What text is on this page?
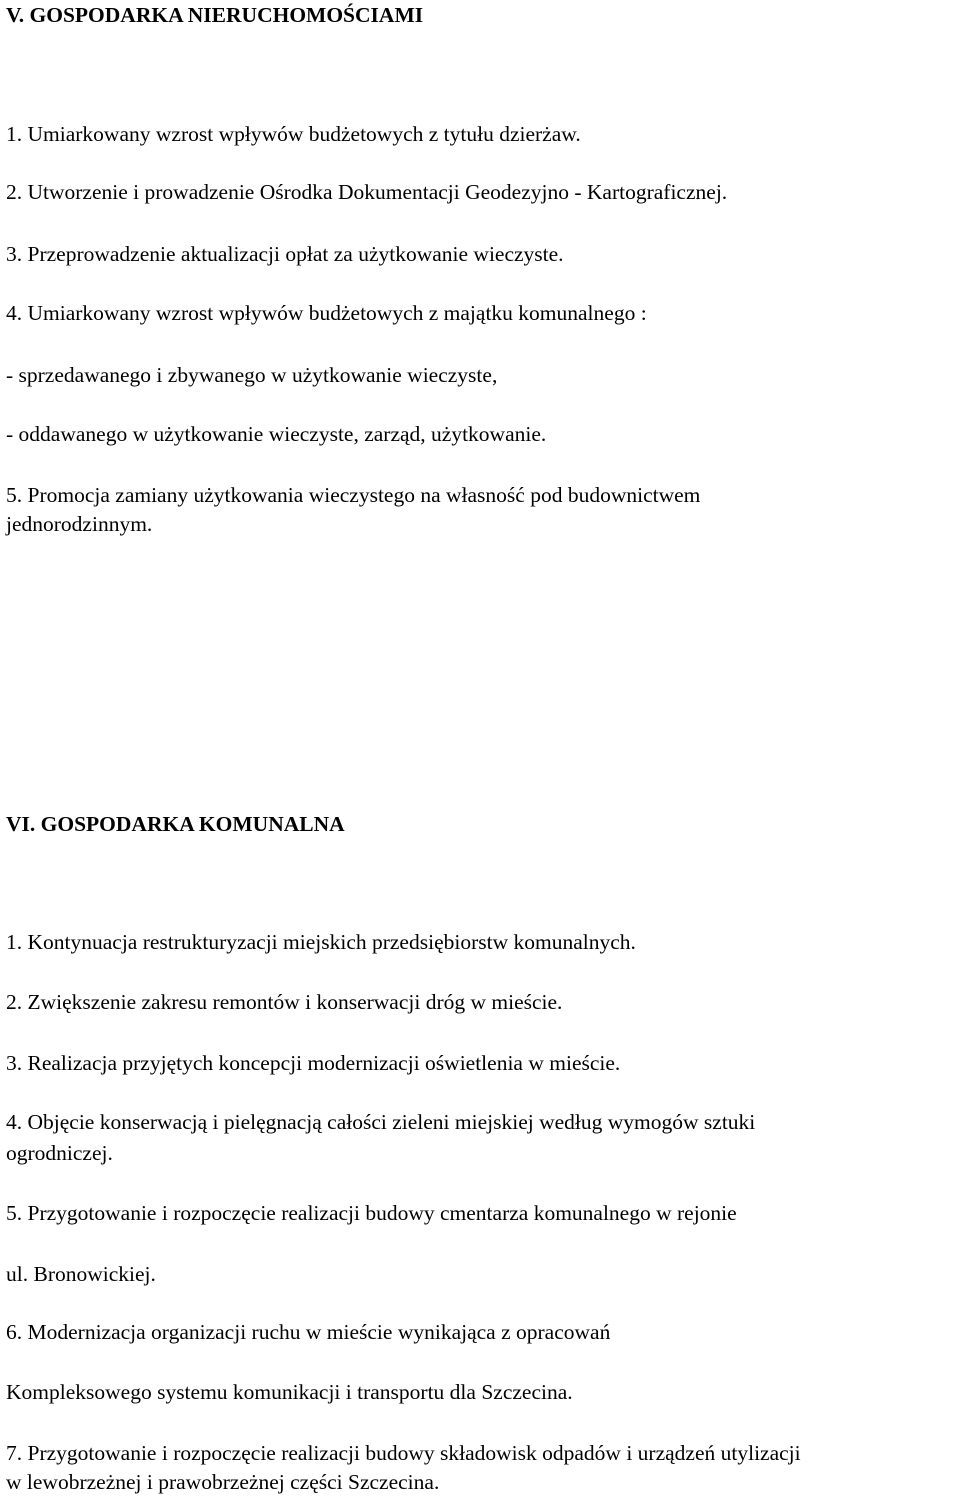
V. GOSPODARKA NIERUCHOMOŚCIAMI
1. Umiarkowany wzrost wpływów budżetowych z tytułu dzierżaw.
2. Utworzenie i prowadzenie Ośrodka Dokumentacji Geodezyjno - Kartograficznej.
3. Przeprowadzenie aktualizacji opłat za użytkowanie wieczyste.
4. Umiarkowany wzrost wpływów budżetowych z majątku komunalnego :
- sprzedawanego i zbywanego w użytkowanie wieczyste,
- oddawanego w użytkowanie wieczyste, zarząd, użytkowanie.
5. Promocja zamiany użytkowania wieczystego na własność pod budownictwem
jednorodzinnym.
VI. GOSPODARKA KOMUNALNA
1. Kontynuacja restrukturyzacji miejskich przedsiębiorstw komunalnych.
2. Zwiększenie zakresu remontów i konserwacji dróg w mieście.
3. Realizacja przyjętych koncepcji modernizacji oświetlenia w mieście.
4. Objęcie konserwacją i pielęgnacją całości zieleni miejskiej według wymogów sztuki
ogrodniczej.
5. Przygotowanie i rozpoczęcie realizacji budowy cmentarza komunalnego w rejonie
ul. Bronowickiej.
6. Modernizacja organizacji ruchu w mieście wynikająca z opracowań
Kompleksowego systemu komunikacji i transportu dla Szczecina.
7. Przygotowanie i rozpoczęcie realizacji budowy składowisk odpadów i urządzeń utylizacji
w lewobrzeżnej i prawobrzeżnej części Szczecina.
